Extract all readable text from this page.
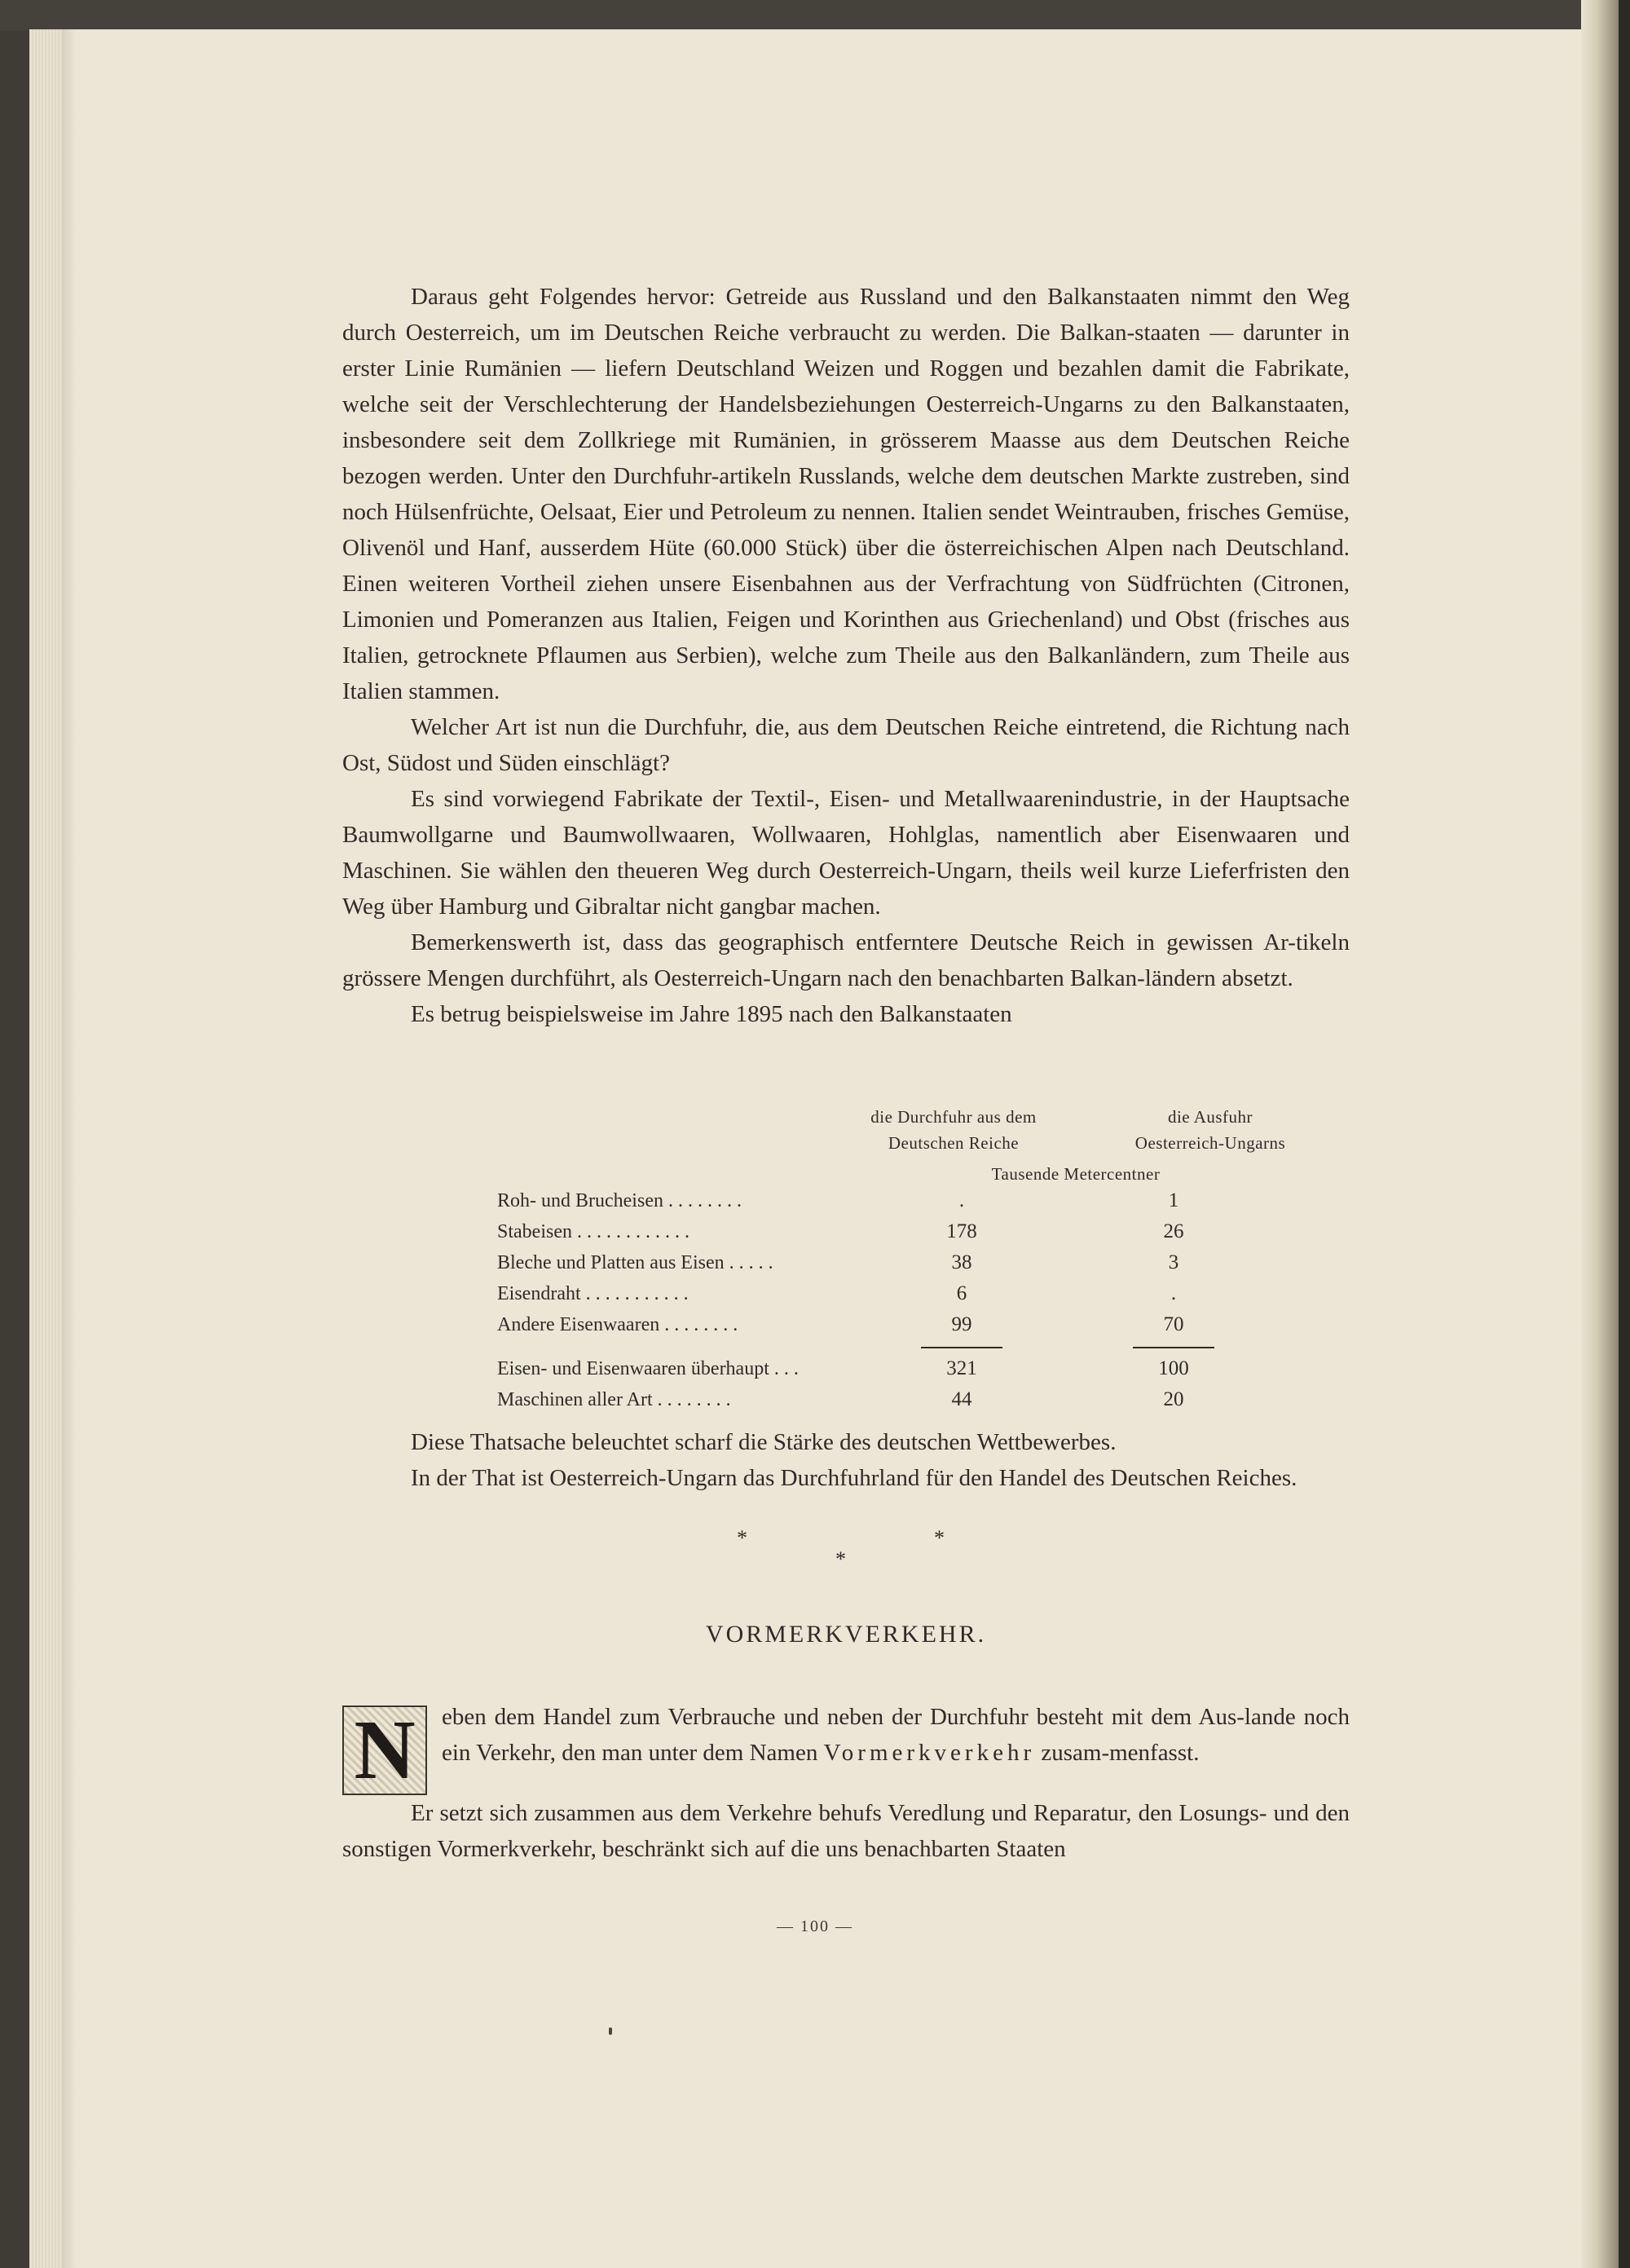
Daraus geht Folgendes hervor: Getreide aus Russland und den Balkanstaaten nimmt den Weg durch Oesterreich, um im Deutschen Reiche verbraucht zu werden. Die Balkan-staaten — darunter in erster Linie Rumänien — liefern Deutschland Weizen und Roggen und bezahlen damit die Fabrikate, welche seit der Verschlechterung der Handelsbeziehungen Oesterreich-Ungarns zu den Balkanstaaten, insbesondere seit dem Zollkriege mit Rumänien, in grösserem Maasse aus dem Deutschen Reiche bezogen werden. Unter den Durchfuhr-artikeln Russlands, welche dem deutschen Markte zustreben, sind noch Hülsenfrüchte, Oelsaat, Eier und Petroleum zu nennen. Italien sendet Weintrauben, frisches Gemüse, Olivenöl und Hanf, ausserdem Hüte (60.000 Stück) über die österreichischen Alpen nach Deutschland. Einen weiteren Vortheil ziehen unsere Eisenbahnen aus der Verfrachtung von Südfrüchten (Citronen, Limonien und Pomeranzen aus Italien, Feigen und Korinthen aus Griechenland) und Obst (frisches aus Italien, getrocknete Pflaumen aus Serbien), welche zum Theile aus den Balkanländern, zum Theile aus Italien stammen.

Welcher Art ist nun die Durchfuhr, die, aus dem Deutschen Reiche eintretend, die Richtung nach Ost, Südost und Süden einschlägt?

Es sind vorwiegend Fabrikate der Textil-, Eisen- und Metallwaarenindustrie, in der Hauptsache Baumwollgarne und Baumwollwaaren, Wollwaaren, Hohlglas, namentlich aber Eisenwaaren und Maschinen. Sie wählen den theueren Weg durch Oesterreich-Ungarn, theils weil kurze Lieferfristen den Weg über Hamburg und Gibraltar nicht gangbar machen.

Bemerkenswerth ist, dass das geographisch entferntere Deutsche Reich in gewissen Ar-tikeln grössere Mengen durchführt, als Oesterreich-Ungarn nach den benachbarten Balkan-ländern absetzt.

Es betrug beispielsweise im Jahre 1895 nach den Balkanstaaten

die Durchfuhr aus dem
Deutschen Reiche
die Ausfuhr
Oesterreich-Ungarns
Tausende Metercentner
Roh- und Brucheisen . . . . . . . .	.	1
Stabeisen . . . . . . . . . . . .	178	26
Bleche und Platten aus Eisen . . . . .	38	3
Eisendraht . . . . . . . . . . .	6	.
Andere Eisenwaaren . . . . . . . .	99	70
Eisen- und Eisenwaaren überhaupt . . .	321	100
Maschinen aller Art . . . . . . . .	44	20

Diese Thatsache beleuchtet scharf die Stärke des deutschen Wettbewerbes.

In der That ist Oesterreich-Ungarn das Durchfuhrland für den Handel des Deutschen Reiches.

*	*
*
VORMERKVERKEHR.

N	eben dem Handel zum Verbrauche und neben der Durchfuhr besteht mit dem Aus-lande noch ein Verkehr, den man unter dem Namen Vormerkverkehr zusam-menfasst.

Er setzt sich zusammen aus dem Verkehre behufs Veredlung und Reparatur, den Losungs- und den sonstigen Vormerkverkehr, beschränkt sich auf die uns benachbarten Staaten

— 100 —
